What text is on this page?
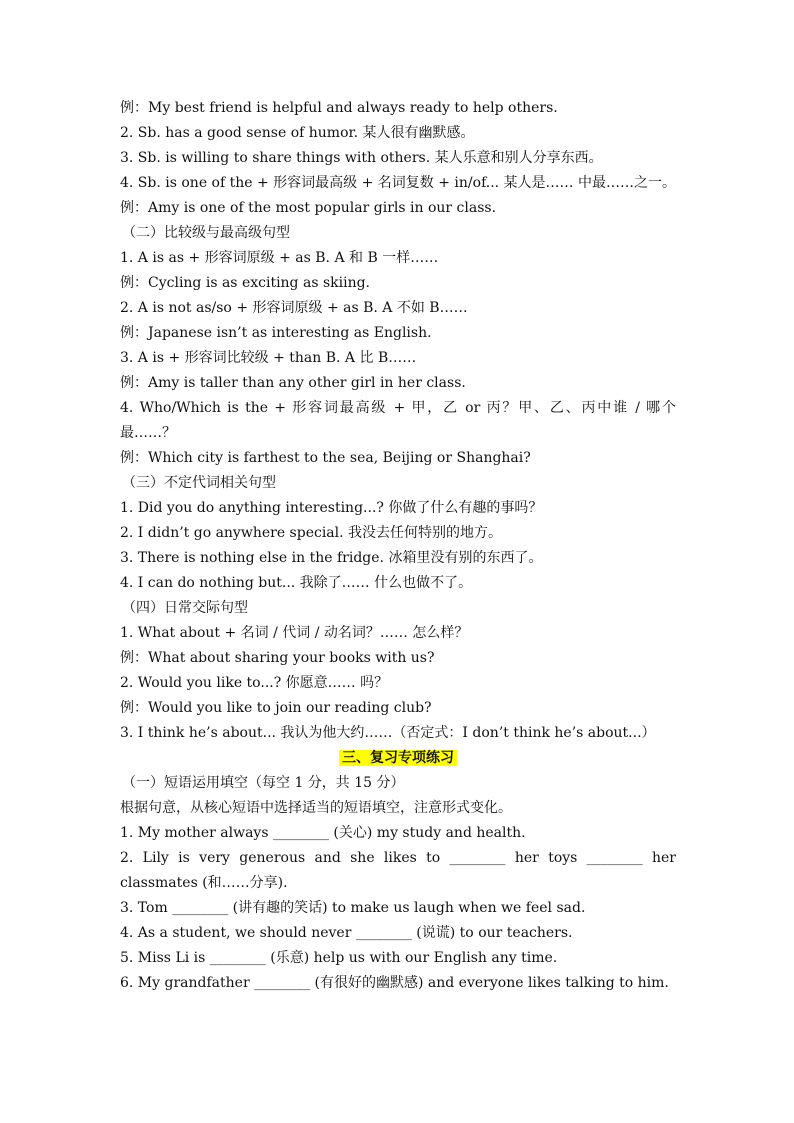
例：My best friend is helpful and always ready to help others.
2. Sb. has a good sense of humor. 某人很有幽默感。
3. Sb. is willing to share things with others. 某人乐意和别人分享东西。
4. Sb. is one of the + 形容词最高级 + 名词复数 + in/of... 某人是…… 中最……之一。
例：Amy is one of the most popular girls in our class.
（二）比较级与最高级句型
1. A is as + 形容词原级 + as B. A 和 B 一样……
例：Cycling is as exciting as skiing.
2. A is not as/so + 形容词原级 + as B. A 不如 B……
例：Japanese isn’t as interesting as English.
3. A is + 形容词比较级 + than B. A 比 B……
例：Amy is taller than any other girl in her class.
4. Who/Which is the + 形容词最高级 + 甲，乙 or 丙？甲、乙、丙中谁 / 哪个最……？
例：Which city is farthest to the sea, Beijing or Shanghai?
（三）不定代词相关句型
1. Did you do anything interesting...? 你做了什么有趣的事吗？
2. I didn’t go anywhere special. 我没去任何特别的地方。
3. There is nothing else in the fridge. 冰箱里没有别的东西了。
4. I can do nothing but... 我除了…… 什么也做不了。
（四）日常交际句型
1. What about + 名词 / 代词 / 动名词？…… 怎么样？
例：What about sharing your books with us?
2. Would you like to...? 你愿意…… 吗？
例：Would you like to join our reading club?
3. I think he’s about... 我认为他大约……（否定式：I don’t think he’s about...）
三、复习专项练习
（一）短语运用填空（每空 1 分，共 15 分）
根据句意，从核心短语中选择适当的短语填空，注意形式变化。
1. My mother always ________ (关心) my study and health.
2. Lily is very generous and she likes to ________ her toys ________ her classmates (和……分享).
3. Tom ________ (讲有趣的笑话) to make us laugh when we feel sad.
4. As a student, we should never ________ (说谎) to our teachers.
5. Miss Li is ________ (乐意) help us with our English any time.
6. My grandfather ________ (有很好的幽默感) and everyone likes talking to him.
